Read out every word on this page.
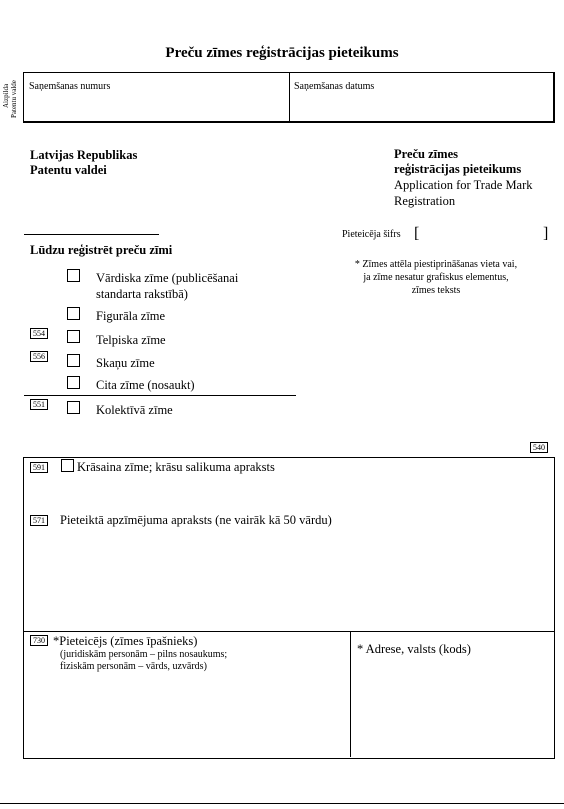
Preču zīmes reģistrācijas pieteikums
Aizpilda Patentu valde Saņemšanas numurs	Saņemšanas datums
Latvijas Republikas
Patentu valdei
Preču zīmes
reģistrācijas pieteikums
Application for Trade Mark
Registration
Lūdzu reģistrēt preču zīmi
Pieteicēja šifrs [	]
* Zīmes attēla piestiprināšanas vieta vai,
ja zīme nesatur grafiskus elementus,
zīmes teksts
Vārdiska zīme (publicēšanai
standarta rakstībā)
Figurāla zīme
554	Telpiska zīme
556	Skaņu zīme
Cita zīme (nosaukt)
551	Kolektīvā zīme
540
591	Krāsaina zīme; krāsu salikuma apraksts
571 Pieteiktā apzīmējuma apraksts (ne vairāk kā 50 vārdu)
730 *Pieteicējs (zīmes īpašnieks)
(juridiskām personām – pilns nosaukums;
fiziskām personām – vārds, uzvārds)
* Adrese, valsts (kods)
